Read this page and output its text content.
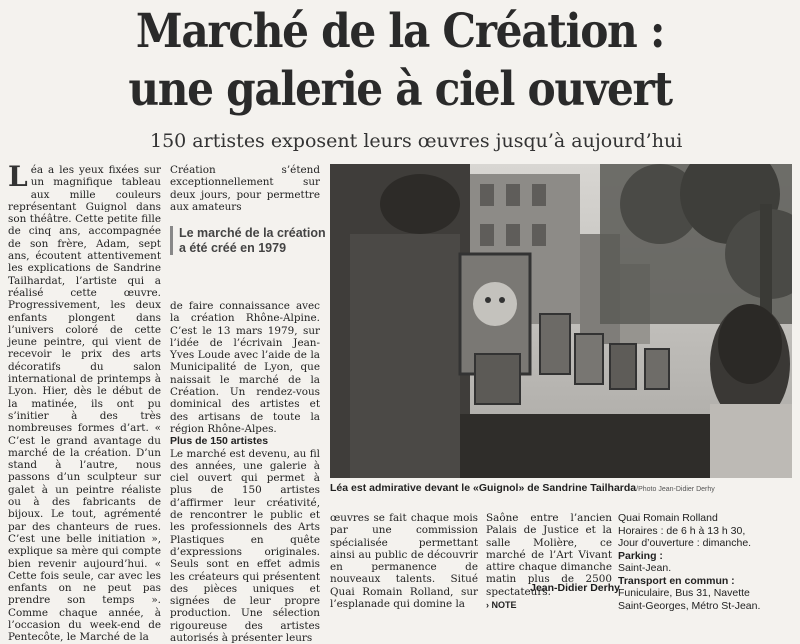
Marché de la Création :
une galerie à ciel ouvert
150 artistes exposent leurs œuvres jusqu’à aujourd’hui
Léa a les yeux fixées sur un magnifique tableau aux mille couleurs représentant Guignol dans son théâtre. Cette petite fille de cinq ans, accompagnée de son frère, Adam, sept ans, écoutent attentivement les explications de Sandrine Tailhardat, l’artiste qui a réalisé cette œuvre. Progressivement, les deux enfants plongent dans l’univers coloré de cette jeune peintre, qui vient de recevoir le prix des arts décoratifs du salon international de printemps à Lyon. Hier, dès le début de la matinée, ils ont pu s’initier à des très nombreuses formes d’art. « C’est le grand avantage du marché de la création. D’un stand à l’autre, nous passons d’un sculpteur sur galet à un peintre réaliste ou à des fabricants de bijoux. Le tout, agrémenté par des chanteurs de rues. C’est une belle initiation », explique sa mère qui compte bien revenir aujourd’hui. « Cette fois seule, car avec les enfants on ne peut pas prendre son temps ». Comme chaque année, à l’occasion du week-end de Pentecôte, le Marché de la
Création s’étend exceptionnellement sur deux jours, pour permettre aux amateurs
Le marché de la création a été créé en 1979

de faire connaissance avec la création Rhône-Alpine. C’est le 13 mars 1979, sur l’idée de l’écrivain Jean-Yves Loude avec l’aide de la Municipalité de Lyon, que naissait le marché de la Création. Un rendez-vous dominical des artistes et des artisans de toute la région Rhône-Alpes.

Plus de 150 artistes

Le marché est devenu, au fil des années, une galerie à ciel ouvert qui permet à plus de 150 artistes d’affirmer leur créativité, de rencontrer le public et les professionnels des Arts Plastiques en quête d’expressions originales. Seuls sont en effet admis les créateurs qui présentent des pièces uniques et signées de leur propre production. Une sélection rigoureuse des artistes autorisés à présenter leurs

Léa est admirative devant le «Guignol» de Sandrine Tailharda/Photo Jean-Didier Derhy
œuvres se fait chaque mois par une commission spécialisée permettant ainsi au public de découvrir en permanence de nouveaux talents. Situé Quai Romain Rolland, sur l’esplanade qui domine la
Saône entre l’ancien Palais de Justice et la salle Molière, ce marché de l’Art Vivant attire chaque dimanche matin plus de 2500 spectateurs.
Jean-Didier Derhy
› NOTE
Quai Romain Rolland
Horaires : de 6 h à 13 h 30,
Jour d’ouverture : dimanche.
Parking :
Saint-Jean.
Transport en commun :
Funiculaire, Bus 31, Navette
Saint-Georges, Métro St-Jean.
